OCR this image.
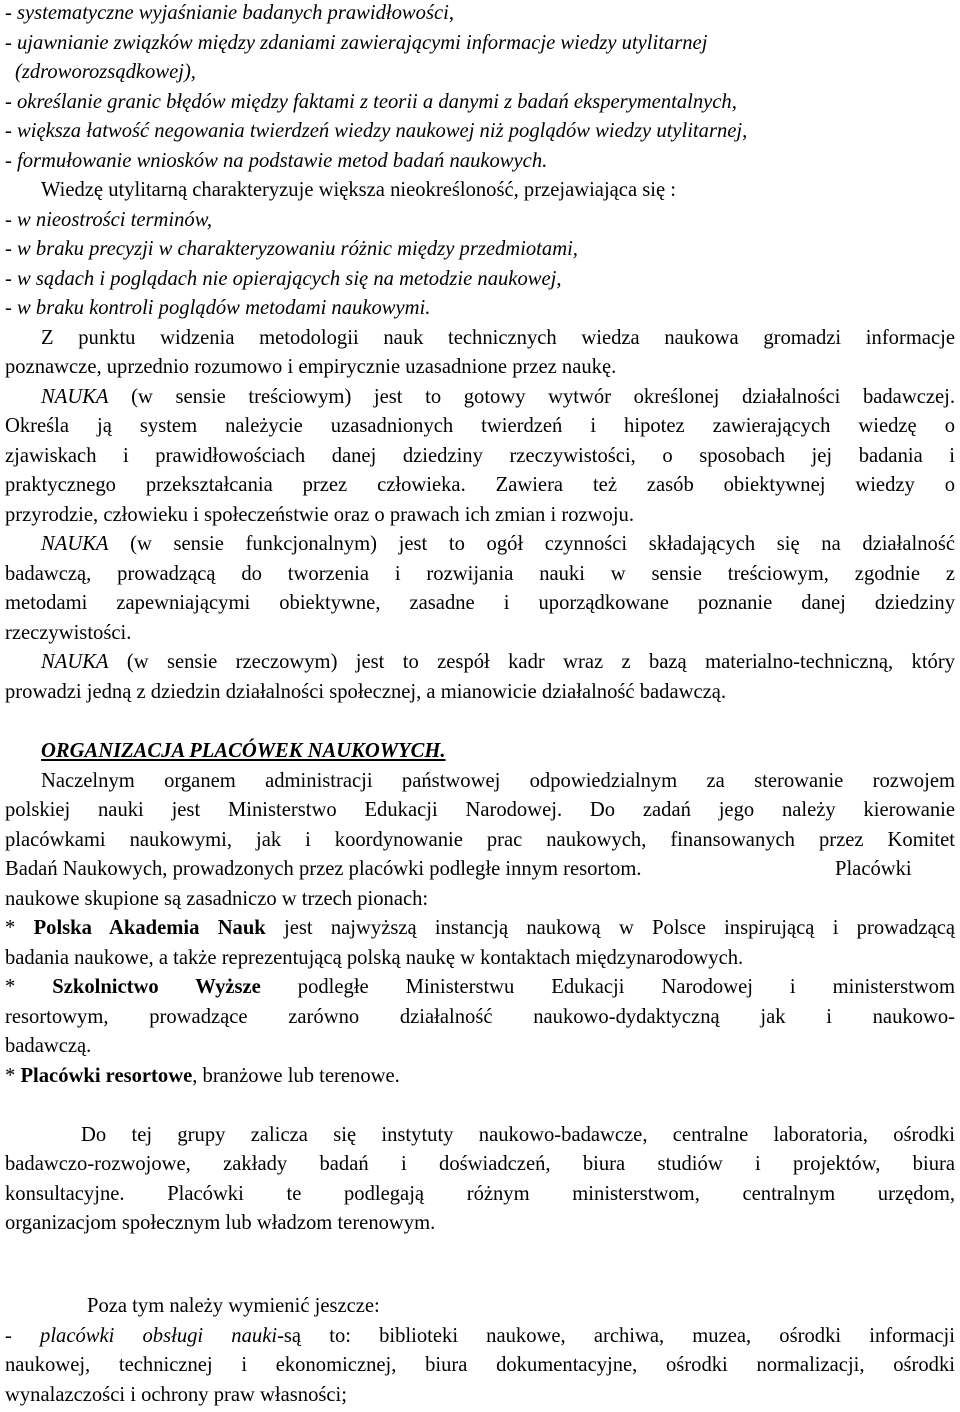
- systematyczne wyjaśnianie badanych prawidłowości,
- ujawnianie związków między zdaniami zawierającymi informacje wiedzy utylitarnej
(zdroworozsądkowej),
- określanie granic błędów między faktami z teorii a danymi z badań eksperymentalnych,
- większa łatwość negowania twierdzeń wiedzy naukowej niż poglądów wiedzy utylitarnej,
- formułowanie wniosków na podstawie metod badań naukowych.
Wiedzę utylitarną charakteryzuje większa nieokreśloność, przejawiająca się :
- w nieostrości terminów,
- w braku precyzji w charakteryzowaniu różnic między przedmiotami,
- w sądach i poglądach nie opierających się na metodzie naukowej,
- w braku kontroli poglądów metodami naukowymi.
Z punktu widzenia metodologii nauk technicznych wiedza naukowa gromadzi informacje
poznawcze, uprzednio rozumowo i empirycznie uzasadnione przez naukę.
NAUKA (w sensie treściowym) jest to gotowy wytwór określonej działalności badawczej.
Określa ją system należycie uzasadnionych twierdzeń i hipotez zawierających wiedzę o
zjawiskach i prawidłowościach danej dziedziny rzeczywistości, o sposobach jej badania i
praktycznego przekształcania przez człowieka. Zawiera też zasób obiektywnej wiedzy o
przyrodzie, człowieku i społeczeństwie oraz o prawach ich zmian i rozwoju.
NAUKA (w sensie funkcjonalnym) jest to ogół czynności składających się na działalność
badawczą, prowadzącą do tworzenia i rozwijania nauki w sensie treściowym, zgodnie z
metodami zapewniającymi obiektywne, zasadne i uporządkowane poznanie danej dziedziny
rzeczywistości.
NAUKA (w sensie rzeczowym) jest to zespół kadr wraz z bazą materialno-techniczną, który
prowadzi jedną z dziedzin działalności społecznej, a mianowicie działalność badawczą.
ORGANIZACJA PLACÓWEK NAUKOWYCH.
Naczelnym organem administracji państwowej odpowiedzialnym za sterowanie rozwojem
polskiej nauki jest Ministerstwo Edukacji Narodowej. Do zadań jego należy kierowanie
placówkami naukowymi, jak i koordynowanie prac naukowych, finansowanych przez Komitet
Badań Naukowych, prowadzonych przez placówki podległe innym resortom.	Placówki
naukowe skupione są zasadniczo w trzech pionach:
* Polska Akademia Nauk jest najwyższą instancją naukową w Polsce inspirującą i prowadzącą
badania naukowe, a także reprezentującą polską naukę w kontaktach międzynarodowych.
* Szkolnictwo Wyższe podległe Ministerstwu Edukacji Narodowej i ministerstwom
resortowym, prowadzące zarówno działalność naukowo-dydaktyczną jak i naukowo-
badawczą.
* Placówki resortowe, branżowe lub terenowe.
Do tej grupy zalicza się instytuty naukowo-badawcze, centralne laboratoria, ośrodki
badawczo-rozwojowe, zakłady badań i doświadczeń, biura studiów i projektów, biura
konsultacyjne. Placówki te podlegają różnym ministerstwom, centralnym urzędom,
organizacjom społecznym lub władzom terenowym.
Poza tym należy wymienić jeszcze:
- placówki obsługi nauki-są to: biblioteki naukowe, archiwa, muzea, ośrodki informacji
naukowej, technicznej i ekonomicznej, biura dokumentacyjne, ośrodki normalizacji, ośrodki
wynalazczości i ochrony praw własności;
